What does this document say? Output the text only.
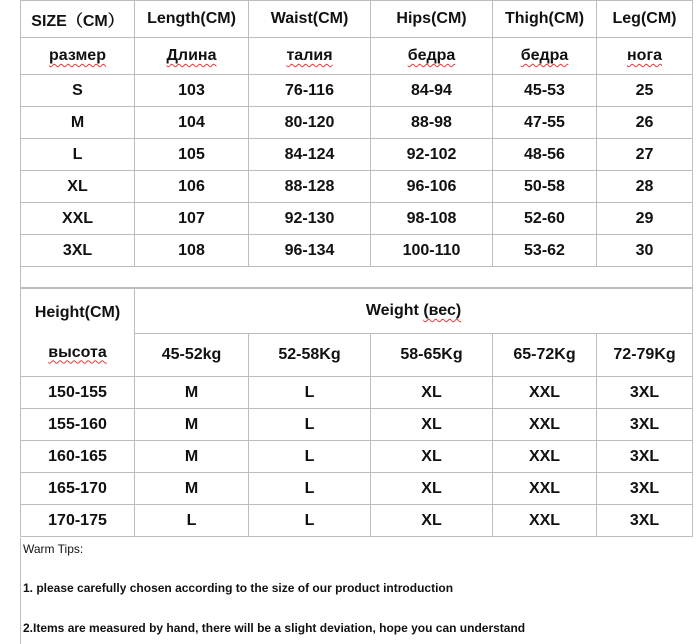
SIZE（CM）	Length(CM)	Waist(CM)	Hips(CM)	Thigh(CM)	Leg(CM)
размер	Длина	талия	бедра	бедра	нога
S	103	76-116	84-94	45-53	25
M	104	80-120	88-98	47-55	26
L	105	84-124	92-102	48-56	27
XL	106	88-128	96-106	50-58	28
XXL	107	92-130	98-108	52-60	29
3XL	108	96-134	100-110	53-62	30
Height(CM)
высота	Weight (вес)				
	45-52kg	52-58Kg	58-65Kg	65-72Kg	72-79Kg
150-155	M	L	XL	XXL	3XL
155-160	M	L	XL	XXL	3XL
160-165	M	L	XL	XXL	3XL
165-170	M	L	XL	XXL	3XL
170-175	L	L	XL	XXL	3XL
Warm Tips:
1. please carefully chosen according to the size of our product introduction
2.Items are measured by hand, there will be a slight deviation, hope you can understand
